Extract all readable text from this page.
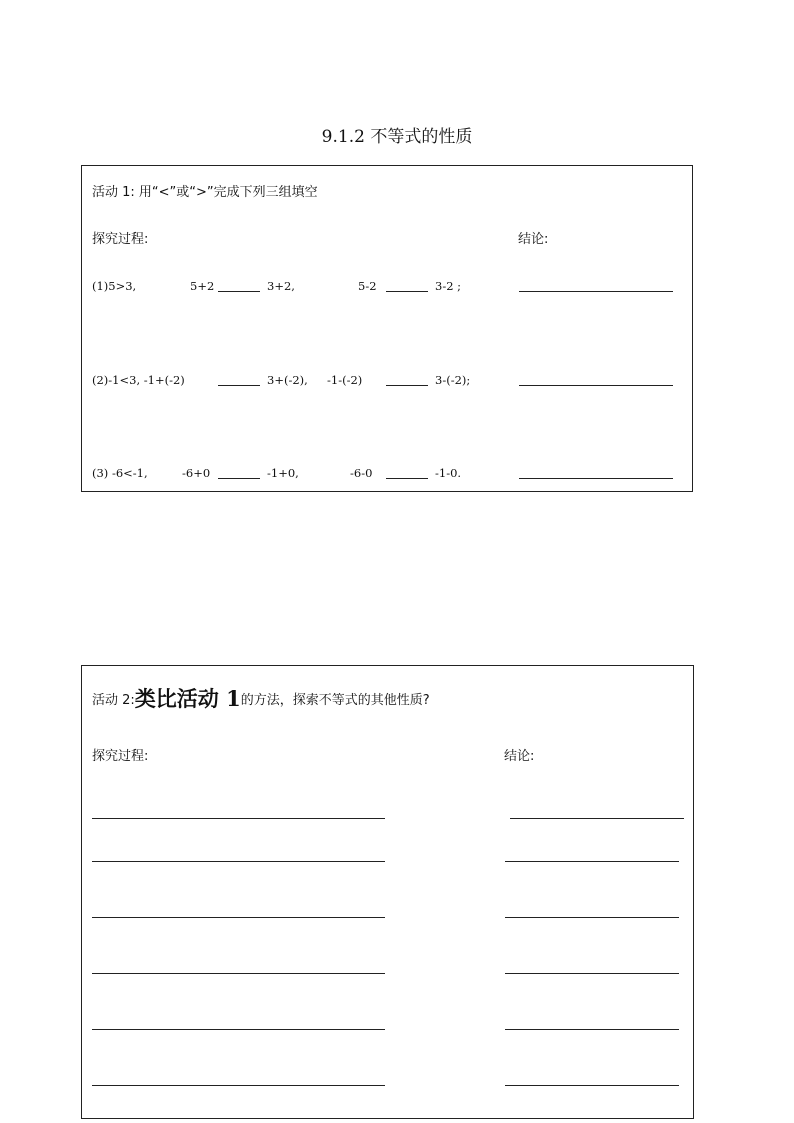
9.1.2 不等式的性质
活动 1: 用“<”或“>”完成下列三组填空
探究过程:	结论:
(1)5>3,	5+2	3+2,	5-2	3-2 ;
(2)-1<3, -1+(-2)	3+(-2), -1-(-2)	3-(-2);
(3) -6<-1,	-6+0	-1+0,	-6-0	-1-0.
活动 2:类比活动 1的方法，探索不等式的其他性质?
探究过程:	结论:
